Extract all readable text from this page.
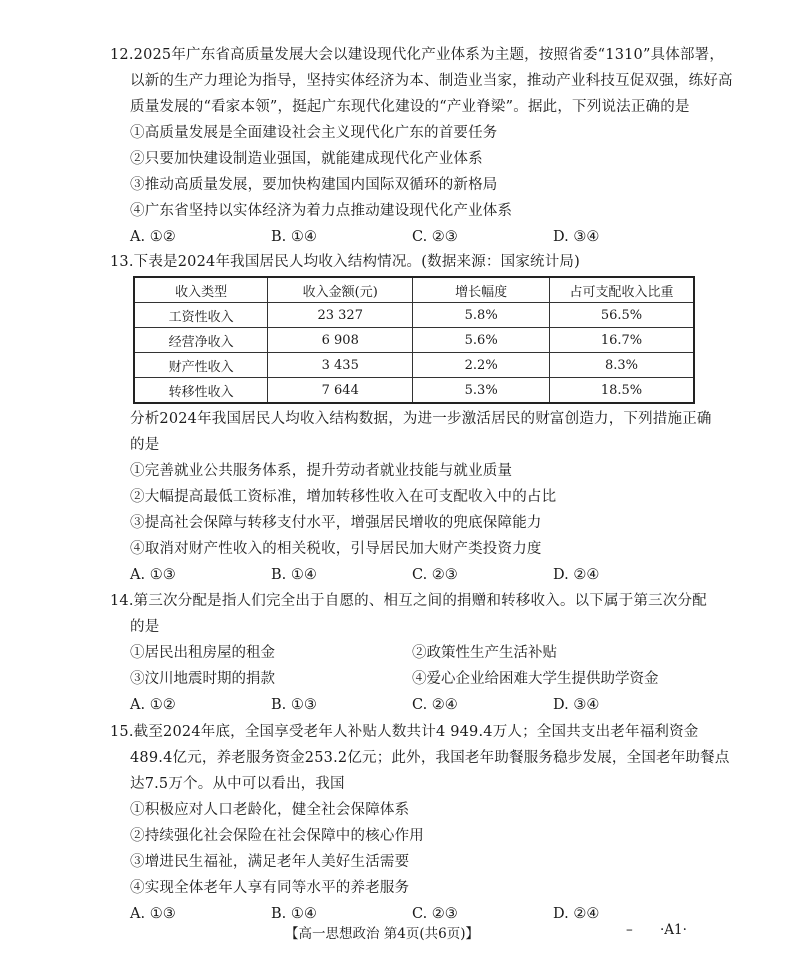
12.2025年广东省高质量发展大会以建设现代化产业体系为主题，按照省委“1310”具体部署，
以新的生产力理论为指导，坚持实体经济为本、制造业当家，推动产业科技互促双强，练好高
质量发展的“看家本领”，挺起广东现代化建设的“产业脊梁”。据此，下列说法正确的是
①高质量发展是全面建设社会主义现代化广东的首要任务
②只要加快建设制造业强国，就能建成现代化产业体系
③推动高质量发展，要加快构建国内国际双循环的新格局
④广东省坚持以实体经济为着力点推动建设现代化产业体系
A. ①②	B. ①④	C. ②③	D. ③④
13.下表是2024年我国居民人均收入结构情况。(数据来源：国家统计局)
收入类型	收入金额(元)	增长幅度	占可支配收入比重
工资性收入	23 327	5.8%	56.5%
经营净收入	6 908	5.6%	16.7%
财产性收入	3 435	2.2%	8.3%
转移性收入	7 644	5.3%	18.5%
分析2024年我国居民人均收入结构数据，为进一步激活居民的财富创造力，下列措施正确
的是
①完善就业公共服务体系，提升劳动者就业技能与就业质量
②大幅提高最低工资标准，增加转移性收入在可支配收入中的占比
③提高社会保障与转移支付水平，增强居民增收的兜底保障能力
④取消对财产性收入的相关税收，引导居民加大财产类投资力度
A. ①③	B. ①④	C. ②③	D. ②④
14.第三次分配是指人们完全出于自愿的、相互之间的捐赠和转移收入。以下属于第三次分配
的是
①居民出租房屋的租金	②政策性生产生活补贴
③汶川地震时期的捐款	④爱心企业给困难大学生提供助学资金
A. ①②	B. ①③	C. ②④	D. ③④
15.截至2024年底，全国享受老年人补贴人数共计4 949.4万人；全国共支出老年福利资金
489.4亿元，养老服务资金253.2亿元；此外，我国老年助餐服务稳步发展，全国老年助餐点
达7.5万个。从中可以看出，我国
①积极应对人口老龄化，健全社会保障体系
②持续强化社会保险在社会保障中的核心作用
③增进民生福祉，满足老年人美好生活需要
④实现全体老年人享有同等水平的养老服务
A. ①③	B. ①④	C. ②③	D. ②④
【高一思想政治 第4页(共6页)】	– ·A1·
